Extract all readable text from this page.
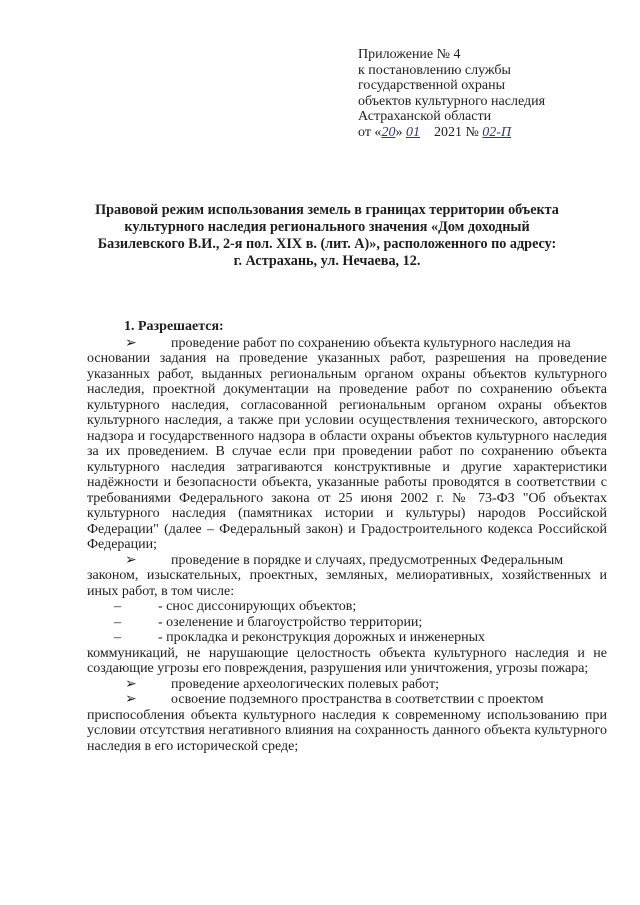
Приложение № 4
к постановлению службы
государственной охраны
объектов культурного наследия
Астраханской области
от «20» 01 2021 № 02-П
Правовой режим использования земель в границах территории объекта
культурного наследия регионального значения «Дом доходный
Базилевского В.И., 2-я пол. XIX в. (лит. А)», расположенного по адресу:
г. Астрахань, ул. Нечаева, 12.
1. Разрешается:
➢	проведение работ по сохранению объекта культурного наследия на
основании задания на проведение указанных работ, разрешения на проведение указанных работ, выданных региональным органом охраны объектов культурного наследия, проектной документации на проведение работ по сохранению объекта культурного наследия, согласованной региональным органом охраны объектов культурного наследия, а также при условии осуществления технического, авторского надзора и государственного надзора в области охраны объектов культурного наследия за их проведением. В случае если при проведении работ по сохранению объекта культурного наследия затрагиваются конструктивные и другие характеристики надёжности и безопасности объекта, указанные работы проводятся в соответствии с требованиями Федерального закона от 25 июня 2002 г. № 73-ФЗ "Об объектах культурного наследия (памятниках истории и культуры) народов Российской Федерации" (далее – Федеральный закон) и Градостроительного кодекса Российской Федерации;
➢	проведение в порядке и случаях, предусмотренных Федеральным
законом, изыскательных, проектных, земляных, мелиоративных, хозяйственных и иных работ, в том числе:
–	- снос диссонирующих объектов;
–	- озеленение и благоустройство территории;
–	- прокладка и реконструкция дорожных и инженерных
коммуникаций, не нарушающие целостность объекта культурного наследия и не создающие угрозы его повреждения, разрушения или уничтожения, угрозы пожара;
➢	проведение археологических полевых работ;
➢	освоение подземного пространства в соответствии с проектом
приспособления объекта культурного наследия к современному использованию при условии отсутствия негативного влияния на сохранность данного объекта культурного наследия в его исторической среде;
